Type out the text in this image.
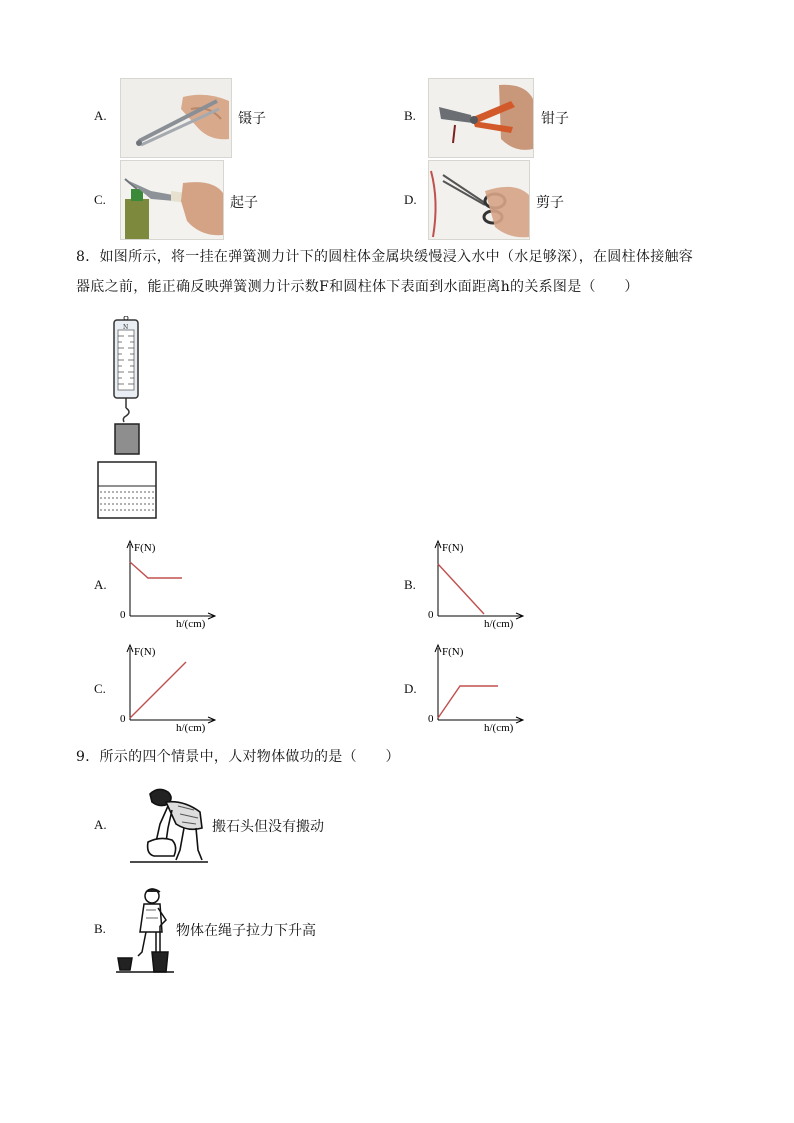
A.	镊子	B.	钳子
C.	起子	D.	剪子
8．如图所示，将一挂在弹簧测力计下的圆柱体金属块缓慢浸入水中（水足够深），在圆柱体接触容
器底之前，能正确反映弹簧测力计示数F和圆柱体下表面到水面距离h的关系图是（　　）
N
A.	B.
C.	D.
F(N)
0
h/(cm)
F(N)
0
h/(cm)
F(N)
0
h/(cm)
F(N)
0
h/(cm)
9．所示的四个情景中，人对物体做功的是（　　）
A.	搬石头但没有搬动
B.	物体在绳子拉力下升高
